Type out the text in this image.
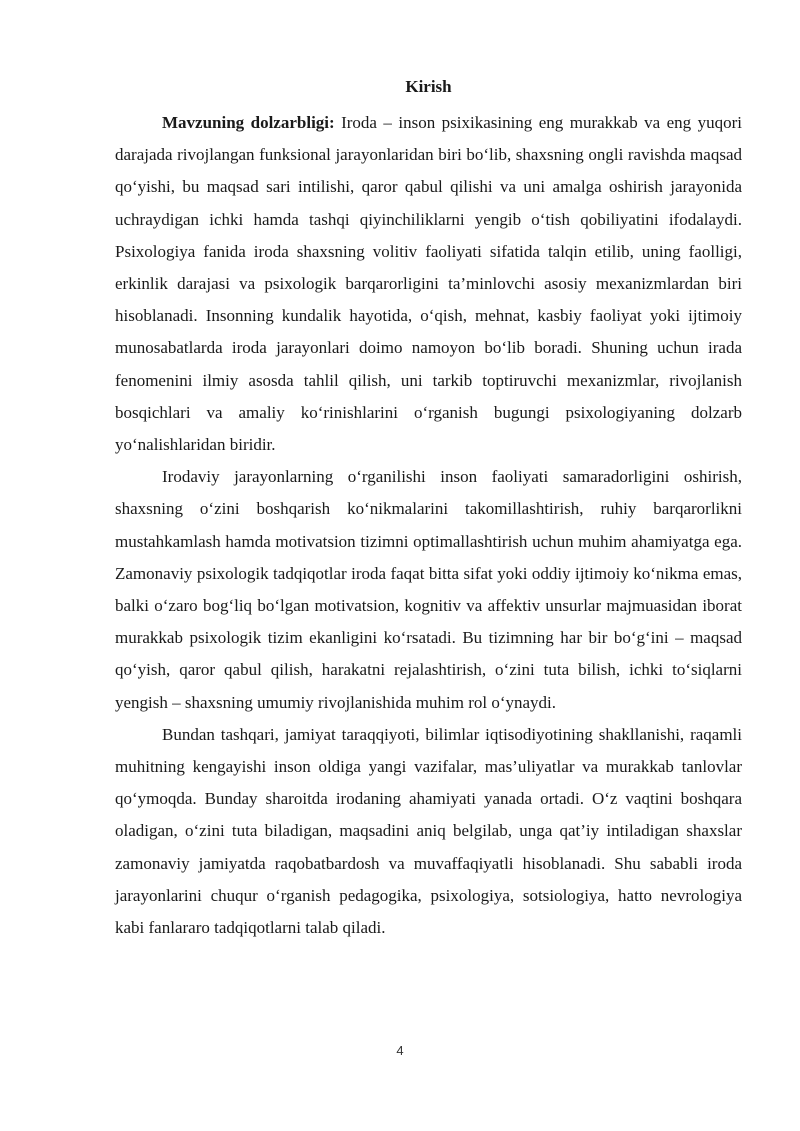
Kirish

Mavzuning dolzarbligi: Iroda – inson psixikasining eng murakkab va eng yuqori darajada rivojlangan funksional jarayonlaridan biri bo‘lib, shaxsning ongli ravishda maqsad qo‘yishi, bu maqsad sari intilishi, qaror qabul qilishi va uni amalga oshirish jarayonida uchraydigan ichki hamda tashqi qiyinchiliklarni yengib o‘tish qobiliyatini ifodalaydi. Psixologiya fanida iroda shaxsning volitiv faoliyati sifatida talqin etilib, uning faolligi, erkinlik darajasi va psixologik barqarorligini ta’minlovchi asosiy mexanizmlardan biri hisoblanadi. Insonning kundalik hayotida, o‘qish, mehnat, kasbiy faoliyat yoki ijtimoiy munosabatlarda iroda jarayonlari doimo namoyon bo‘lib boradi. Shuning uchun irada fenomenini ilmiy asosda tahlil qilish, uni tarkib toptiruvchi mexanizmlar, rivojlanish bosqichlari va amaliy ko‘rinishlarini o‘rganish bugungi psixologiyaning dolzarb yo‘nalishlaridan biridir.

Irodaviy jarayonlarning o‘rganilishi inson faoliyati samaradorligini oshirish, shaxsning o‘zini boshqarish ko‘nikmalarini takomillashtirish, ruhiy barqarorlikni mustahkamlash hamda motivatsion tizimni optimallashtirish uchun muhim ahamiyatga ega. Zamonaviy psixologik tadqiqotlar iroda faqat bitta sifat yoki oddiy ijtimoiy ko‘nikma emas, balki o‘zaro bog‘liq bo‘lgan motivatsion, kognitiv va affektiv unsurlar majmuasidan iborat murakkab psixologik tizim ekanligini ko‘rsatadi. Bu tizimning har bir bo‘g‘ini – maqsad qo‘yish, qaror qabul qilish, harakatni rejalashtirish, o‘zini tuta bilish, ichki to‘siqlarni yengish – shaxsning umumiy rivojlanishida muhim rol o‘ynaydi.

Bundan tashqari, jamiyat taraqqiyoti, bilimlar iqtisodiyotining shakllanishi, raqamli muhitning kengayishi inson oldiga yangi vazifalar, mas’uliyatlar va murakkab tanlovlar qo‘ymoqda. Bunday sharoitda irodaning ahamiyati yanada ortadi. O‘z vaqtini boshqara oladigan, o‘zini tuta biladigan, maqsadini aniq belgilab, unga qat’iy intiladigan shaxslar zamonaviy jamiyatda raqobatbardosh va muvaffaqiyatli hisoblanadi. Shu sababli iroda jarayonlarini chuqur o‘rganish pedagogika, psixologiya, sotsiologiya, hatto nevrologiya kabi fanlararo tadqiqotlarni talab qiladi.

4
